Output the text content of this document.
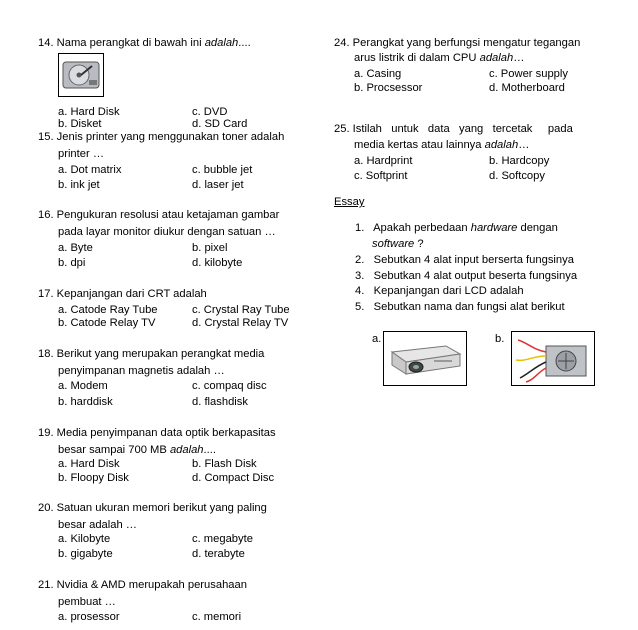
14. Nama perangkat di bawah ini adalah....
a. Hard Disk
b. Disket
c. DVD
d. SD Card
15. Jenis printer yang menggunakan toner adalah
printer …
a. Dot matrix
b. ink jet
c. bubble jet
d. laser jet
16. Pengukuran resolusi atau ketajaman gambar
pada layar monitor diukur dengan satuan …
a. Byte
b. dpi
b. pixel
d. kilobyte
17. Kepanjangan dari CRT adalah
a. Catode Ray Tube
b. Catode Relay TV
c. Crystal Ray Tube
d. Crystal Relay TV
18. Berikut yang merupakan perangkat media
penyimpanan magnetis adalah …
a. Modem
b. harddisk
c. compaq disc
d. flashdisk
19. Media penyimpanan data optik berkapasitas
besar sampai 700 MB adalah....
a. Hard Disk
b. Floopy Disk
b. Flash Disk
d. Compact Disc
20. Satuan ukuran memori berikut yang paling
besar adalah …
a. Kilobyte
b. gigabyte
c. megabyte
d. terabyte
21. Nvidia & AMD merupakah perusahaan
pembuat …
a. prosessor	c. memori
24. Perangkat yang berfungsi mengatur tegangan
arus listrik di dalam CPU adalah…
a. Casing
b. Procsessor
c. Power supply
d. Motherboard
25. Istilah   untuk   data   yang   tercetak     pada
media kertas atau lainnya adalah…
a. Hardprint
c. Softprint
b. Hardcopy
d. Softcopy
Essay
1. Apakah perbedaan hardware dengan
software ?
2. Sebutkan 4 alat input berserta fungsinya
3. Sebutkan 4 alat output beserta fungsinya
4. Kepanjangan dari LCD adalah
5. Sebutkan nama dan fungsi alat berikut
a.	b.
